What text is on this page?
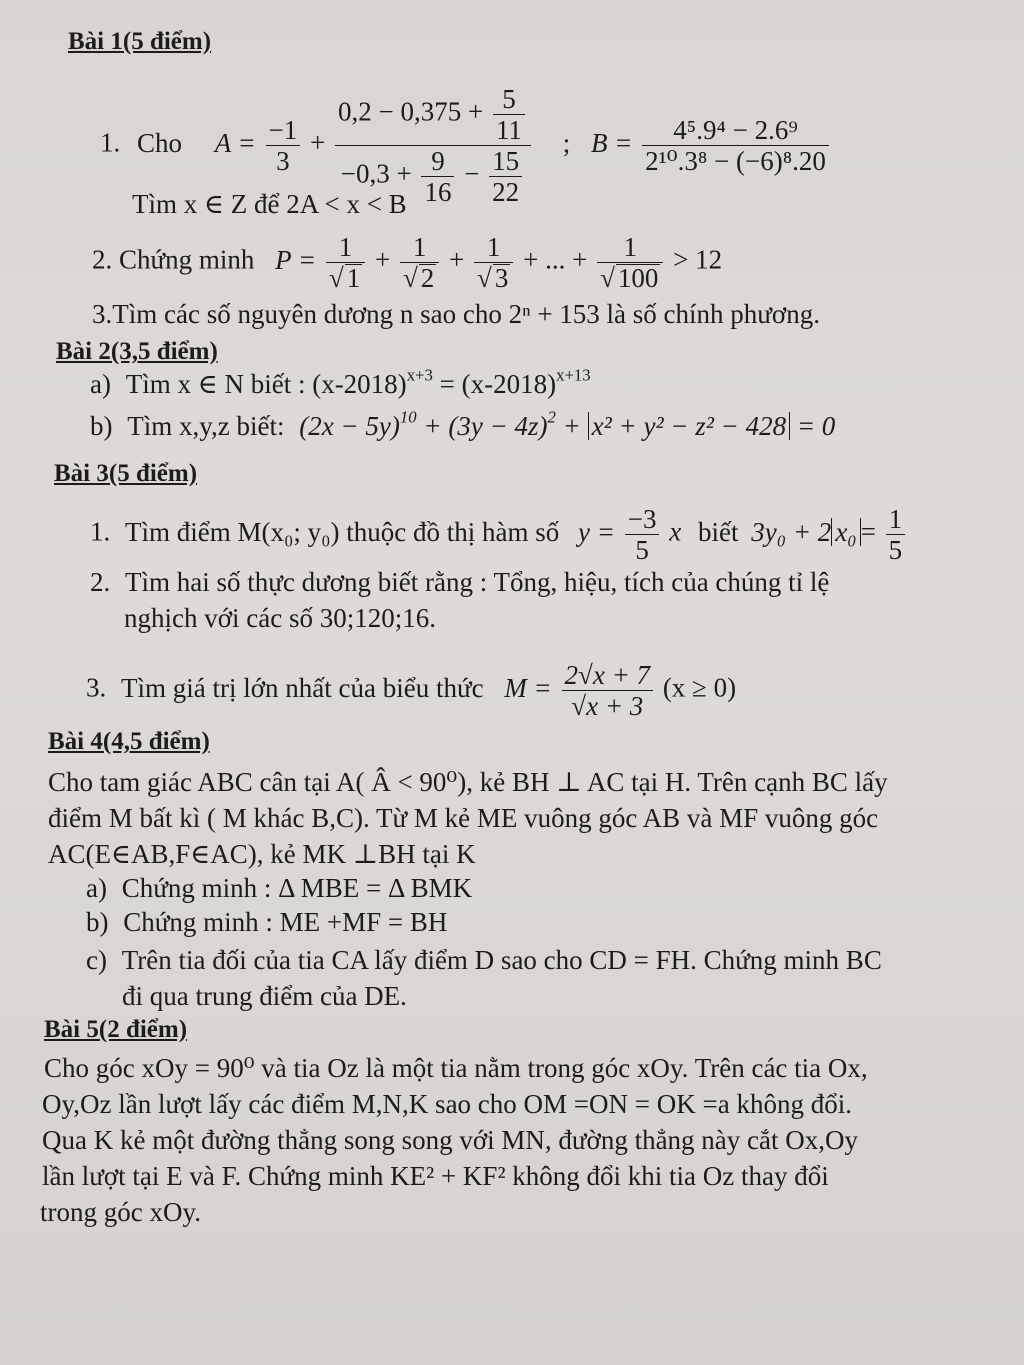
Bài 1(5 điểm)
1. Cho $A = \frac{-1}{3}$ +
$0,2 - 0,375 + \frac{5}{11}$
$-0,3 + \frac{9}{16} - \frac{15}{22}$
; $B = \frac{\text{4⁵.9⁴ − 2.6⁹}}{\text{2¹⁰.3⁸ − (−6)⁸.20}}$
Tìm x ∈ Z để 2A < x < B
2. Chứng minh $P = \frac{1}{√ 1} + \frac{1}{√ 2} + \frac{1}{√ 3}$ + ... + $\frac{1}{√ 100} > 12$
3.Tìm các số nguyên dương n sao cho 2ⁿ + 153 là số chính phương.
Bài 2(3,5 điểm)
a) Tìm x ∈ N biết : $(x-2018)^{x+3} = (x-2018)^{x+13}$
b) Tìm x,y,z biết: $(2x - 5y)^{10} + (3y - 4z)^2 + x^2 + y^2 - z^2 - 428 = 0$
Bài 3(5 điểm)
1. Tìm điểm M(x₀; y₀) thuộc đồ thị hàm số $y = \frac{-3}{5}$ x biết 3y₀ + 2 $x_0 = \frac{1}{5}$
2. Tìm hai số thực dương biết rằng : Tổng, hiệu, tích của chúng tỉ lệ
nghịch với các số 30;120;16.
3. Tìm giá trị lớn nhất của biểu thức $M = \frac{2√x + 7}{√x + 3} (x \ge 0)$
Bài 4(4,5 điểm)
Cho tam giác ABC cân tại A( Â < 90⁰), kẻ BH ⊥ AC tại H. Trên cạnh BC lấy
điểm M bất kì ( M khác B,C). Từ M kẻ ME vuông góc AB và MF vuông góc
AC(E∈AB,F∈AC), kẻ MK ⊥BH tại K
a) Chứng minh : Δ MBE = Δ BMK
b) Chứng minh : ME +MF = BH
c) Trên tia đối của tia CA lấy điểm D sao cho CD = FH. Chứng minh BC
đi qua trung điểm của DE.
Bài 5(2 điểm)
Cho góc xOy = 90⁰ và tia Oz là một tia nằm trong góc xOy. Trên các tia Ox,
Oy,Oz lần lượt lấy các điểm M,N,K sao cho OM =ON = OK =a không đổi.
Qua K kẻ một đường thẳng song song với MN, đường thẳng này cắt Ox,Oy
lần lượt tại E và F. Chứng minh KE² + KF² không đổi khi tia Oz thay đổi
trong góc xOy.
